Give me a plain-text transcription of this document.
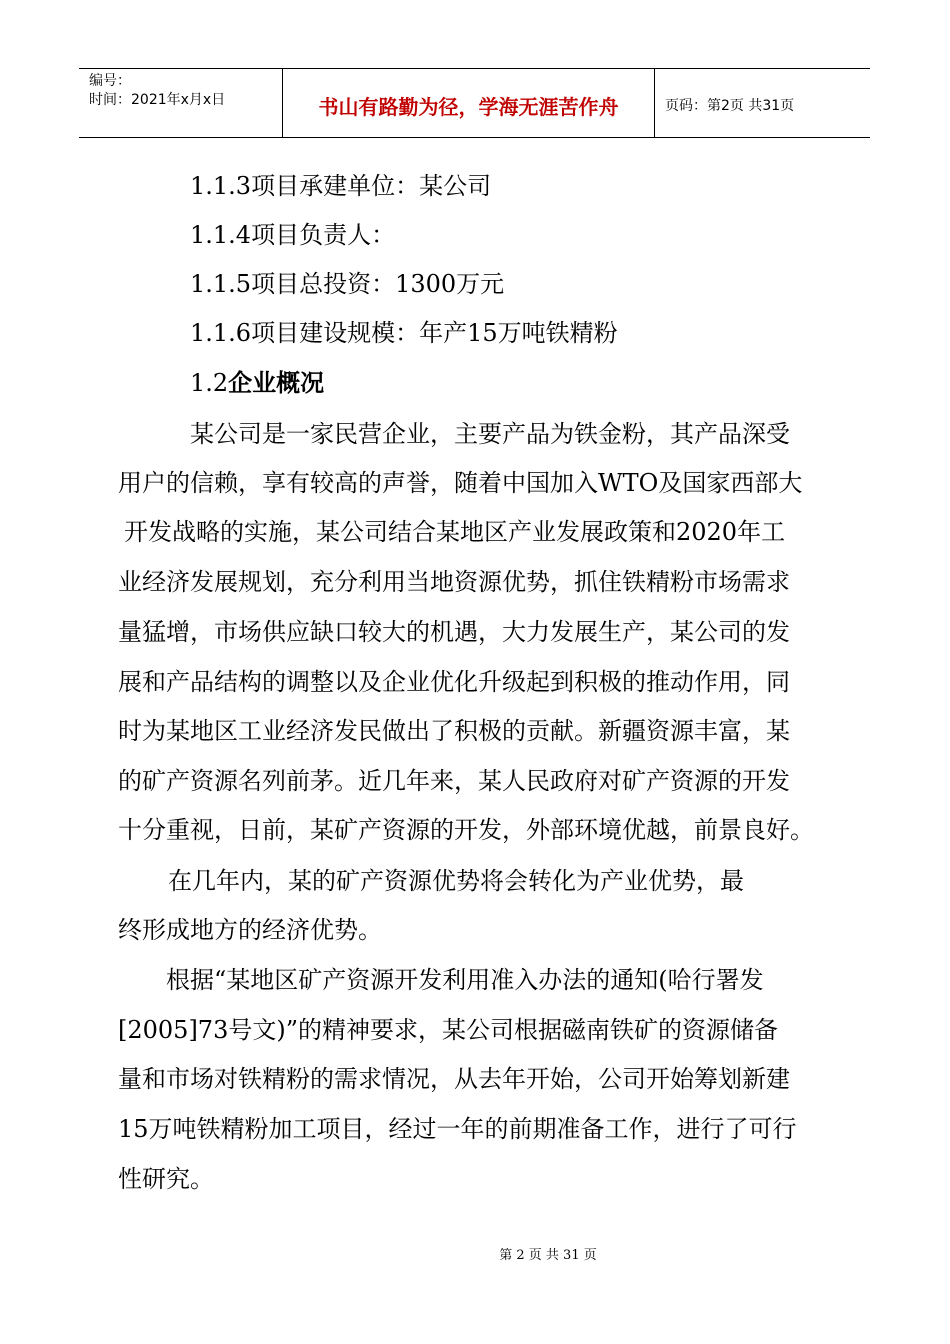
编号：
时间：2021年x月x日	书山有路勤为径，学海无涯苦作舟	页码：第2页 共31页
1.1.3项目承建单位：某公司
1.1.4项目负责人：
1.1.5项目总投资：1300万元
1.1.6项目建设规模：年产15万吨铁精粉
1.2企业概况
某公司是一家民营企业，主要产品为铁金粉，其产品深受
用户的信赖，享有较高的声誉，随着中国加入WTO及国家西部大
开发战略的实施，某公司结合某地区产业发展政策和2020年工
业经济发展规划，充分利用当地资源优势，抓住铁精粉市场需求
量猛增，市场供应缺口较大的机遇，大力发展生产，某公司的发
展和产品结构的调整以及企业优化升级起到积极的推动作用，同
时为某地区工业经济发民做出了积极的贡献。新疆资源丰富，某
的矿产资源名列前茅。近几年来，某人民政府对矿产资源的开发
十分重视，日前，某矿产资源的开发，外部环境优越，前景良好。
在几年内，某的矿产资源优势将会转化为产业优势，最
终形成地方的经济优势。
根据“某地区矿产资源开发利用准入办法的通知(哈行署发
[2005]73号文)”的精神要求，某公司根据磁南铁矿的资源储备
量和市场对铁精粉的需求情况，从去年开始，公司开始筹划新建
15万吨铁精粉加工项目，经过一年的前期准备工作，进行了可行
性研究。
第 2 页 共 31 页
